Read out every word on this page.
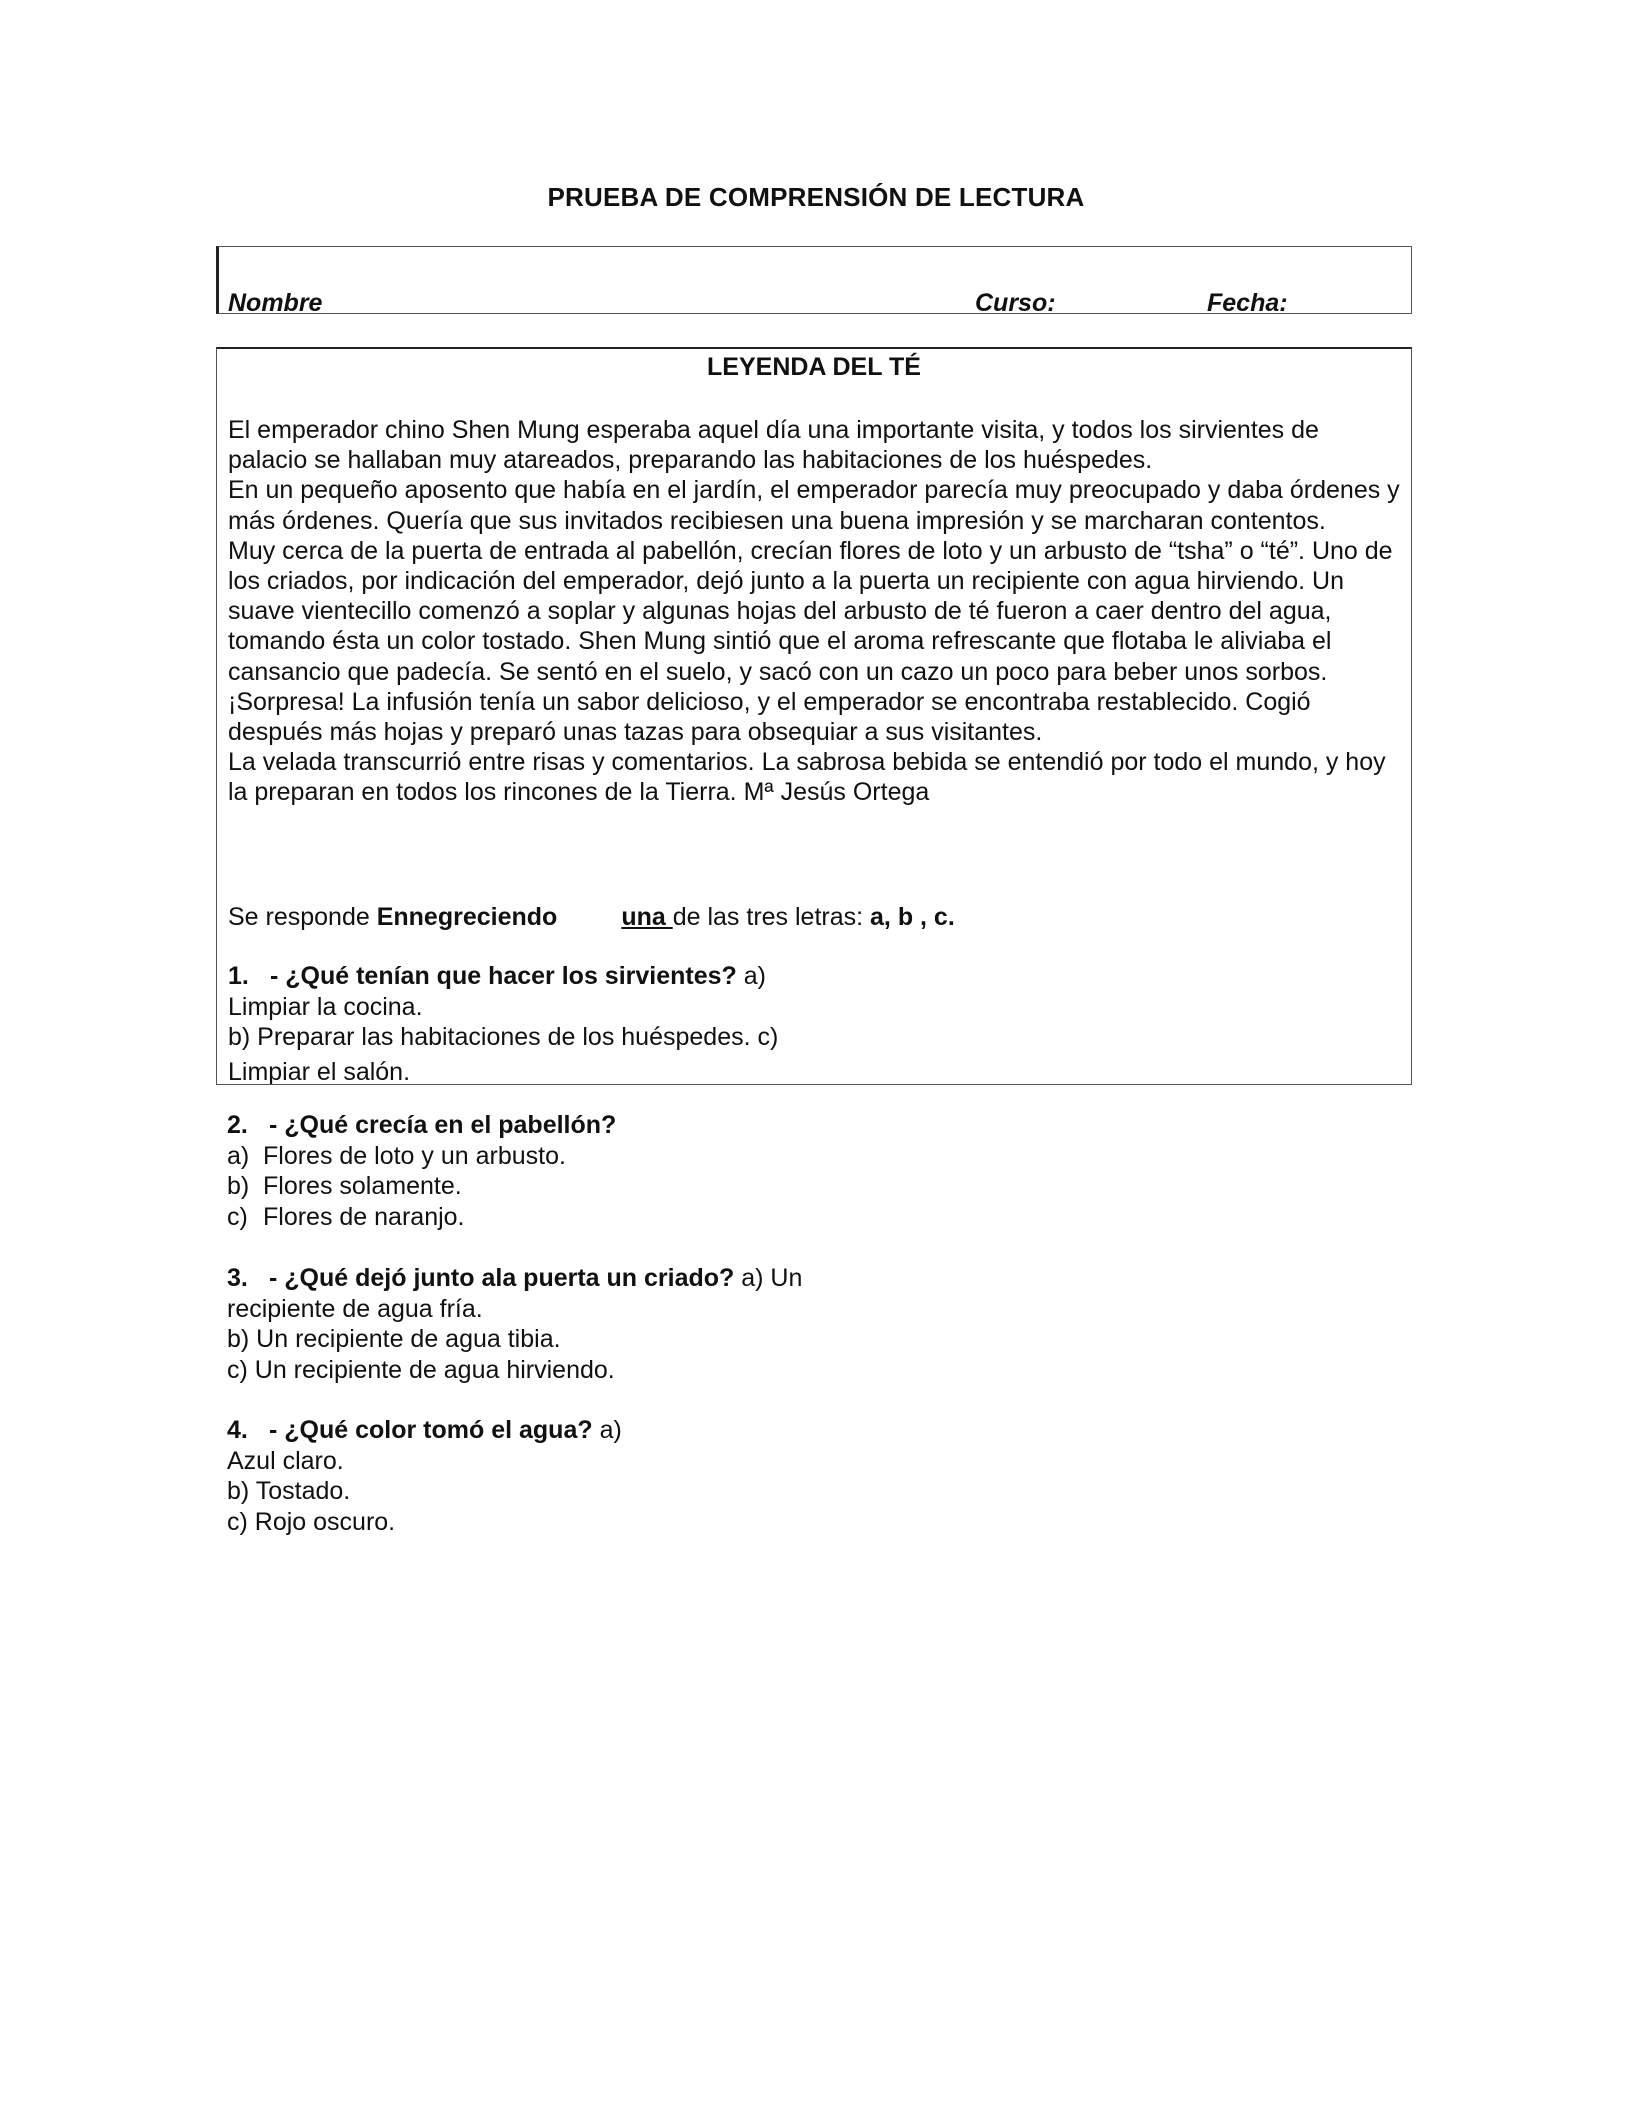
PRUEBA DE COMPRENSIÓN DE LECTURA
Nombre	Curso:	Fecha:
LEYENDA DEL TÉ

El emperador chino Shen Mung esperaba aquel día una importante visita, y todos los sirvientes de palacio se hallaban muy atareados, preparando las habitaciones de los huéspedes.

En un pequeño aposento que había en el jardín, el emperador parecía muy preocupado y daba órdenes y más órdenes. Quería que sus invitados recibiesen una buena impresión y se marcharan contentos.

Muy cerca de la puerta de entrada al pabellón, crecían flores de loto y un arbusto de “tsha” o “té”. Uno de los criados, por indicación del emperador, dejó junto a la puerta un recipiente con agua hirviendo. Un suave vientecillo comenzó a soplar y algunas hojas del arbusto de té fueron a caer dentro del agua, tomando ésta un color tostado. Shen Mung sintió que el aroma refrescante que flotaba le aliviaba el cansancio que padecía. Se sentó en el suelo, y sacó con un cazo un poco para beber unos sorbos. ¡Sorpresa! La infusión tenía un sabor delicioso, y el emperador se encontraba restablecido. Cogió después más hojas y preparó unas tazas para obsequiar a sus visitantes.

La velada transcurrió entre risas y comentarios. La sabrosa bebida se entendió por todo el mundo, y hoy la preparan en todos los rincones de la Tierra. Mª Jesús Ortega

Se responde Ennegreciendo	una de las tres letras: a, b , c.
1. - ¿Qué tenían que hacer los sirvientes? a)
Limpiar la cocina.
b) Preparar las habitaciones de los huéspedes. c)
Limpiar el salón.
2. - ¿Qué crecía en el pabellón?
a) Flores de loto y un arbusto.
b) Flores solamente.
c) Flores de naranjo.
3. - ¿Qué dejó junto ala puerta un criado? a) Un
recipiente de agua fría.
b) Un recipiente de agua tibia.
c) Un recipiente de agua hirviendo.
4. - ¿Qué color tomó el agua? a)
Azul claro.
b) Tostado.
c) Rojo oscuro.
